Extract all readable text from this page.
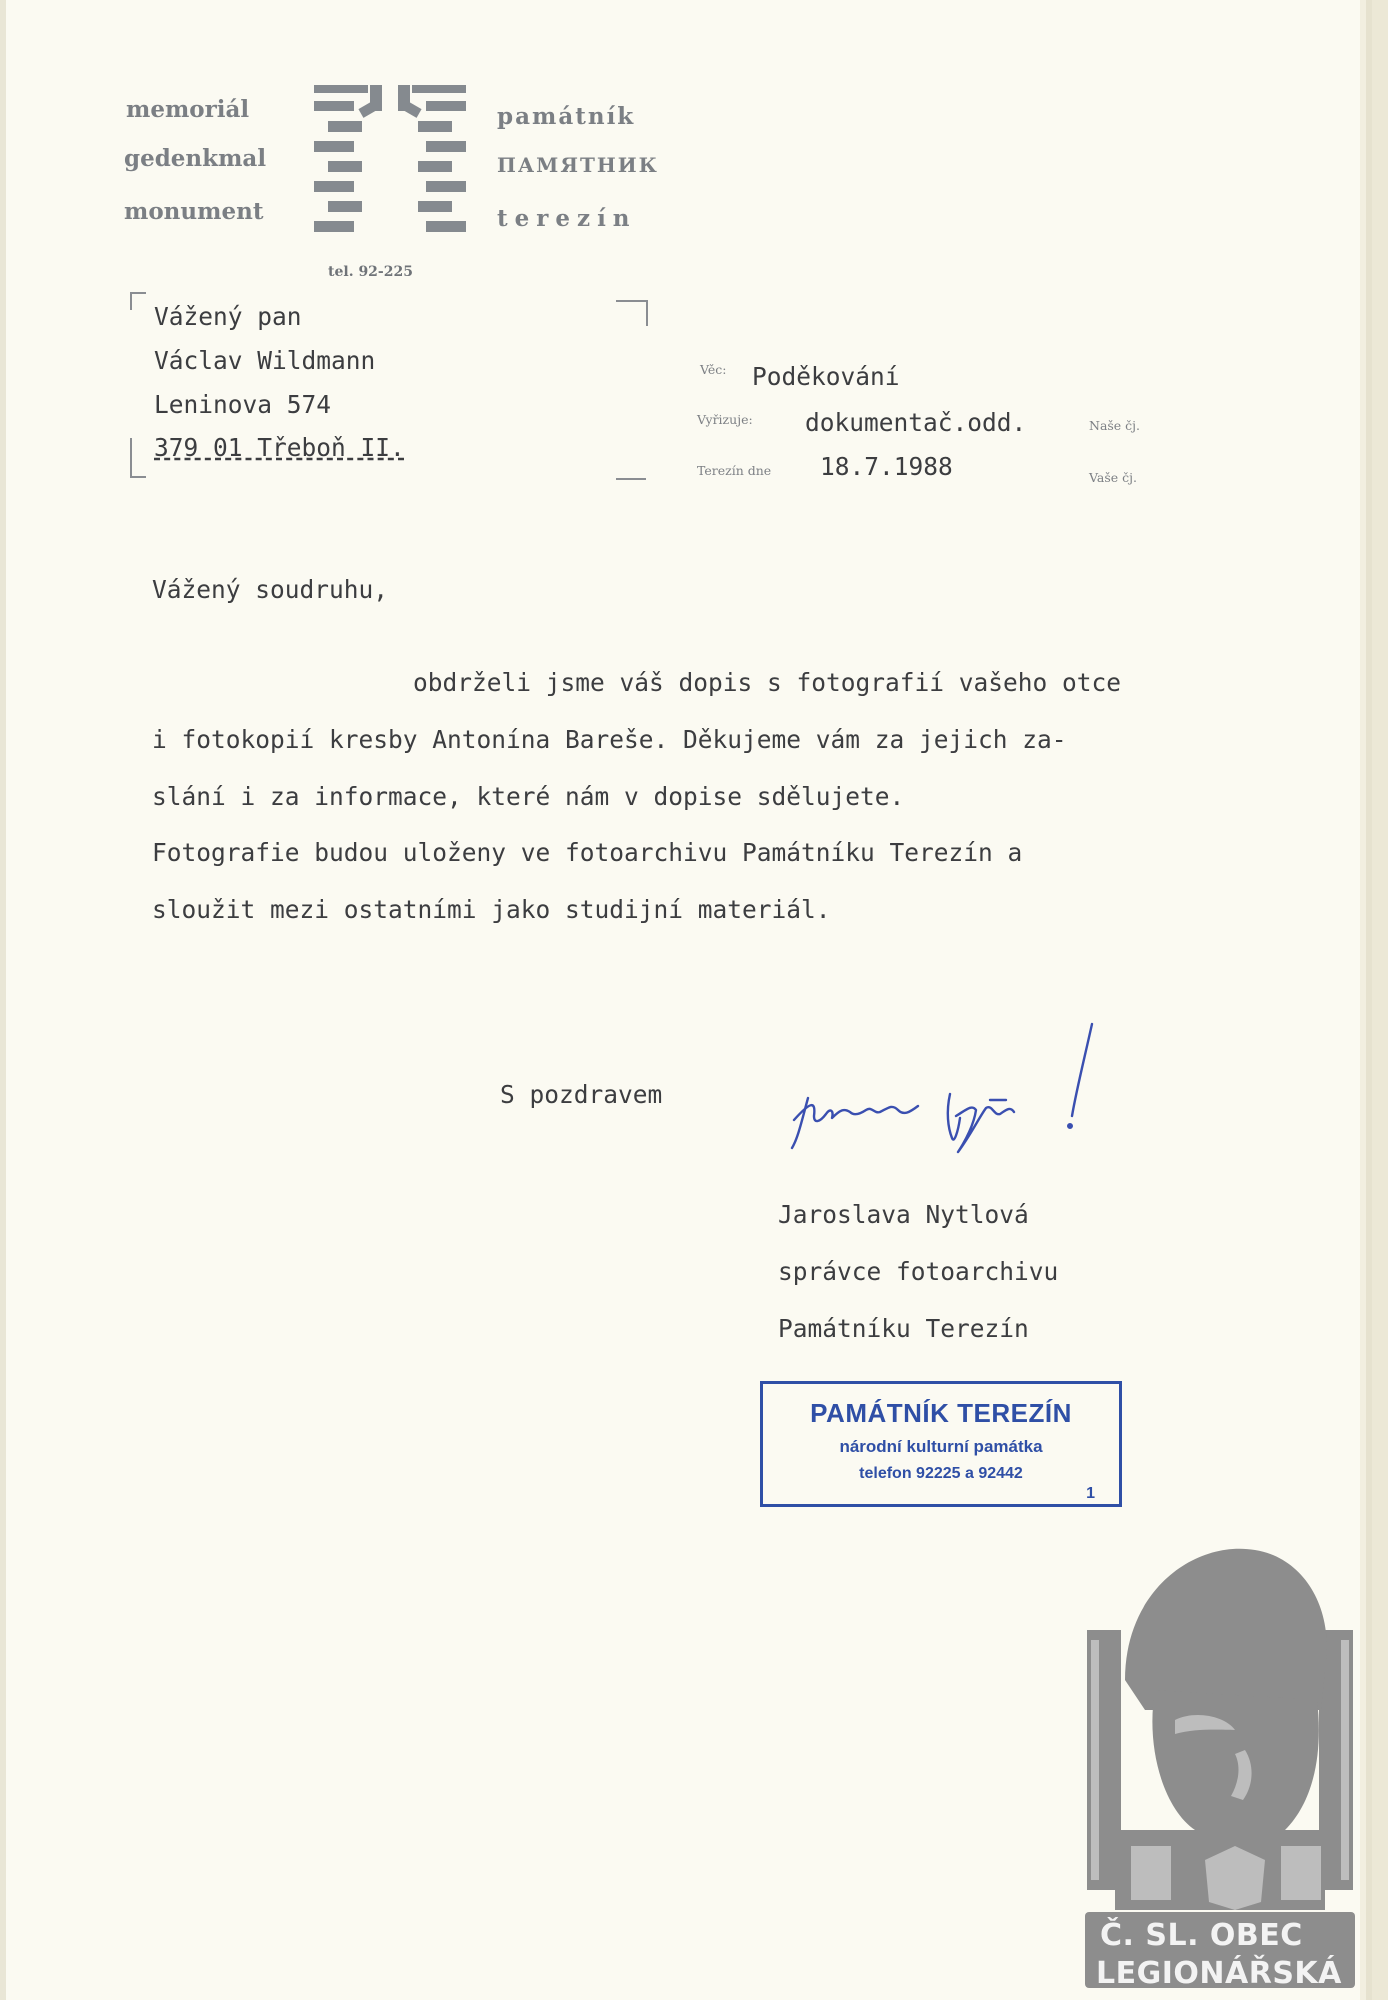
memoriál
gedenkmal
monument
památník
ПАМЯТНИК
terezín
tel. 92-225
Vážený pan
Václav Wildmann
Leninova 574
379 01 Třeboň II.
Věc: Poděkování
Vyřizuje: dokumentač.odd.	Naše čj.
Terezín dne 18.7.1988	Vaše čj.
Vážený soudruhu,
obdrželi jsme váš dopis s fotografií vašeho otce
i fotokopií kresby Antonína Bareše. Děkujeme vám za jejich za-
slání i za informace, které nám v dopise sdělujete.
Fotografie budou uloženy ve fotoarchivu Památníku Terezín a
sloužit mezi ostatními jako studijní materiál.
S pozdravem
Jaroslava Nytlová
správce fotoarchivu
Památníku Terezín
PAMÁTNÍK TEREZÍN
národní kulturní památka
telefon 92225 a 92442
1
Č. SL. OBEC
LEGIONÁŘSKÁ
